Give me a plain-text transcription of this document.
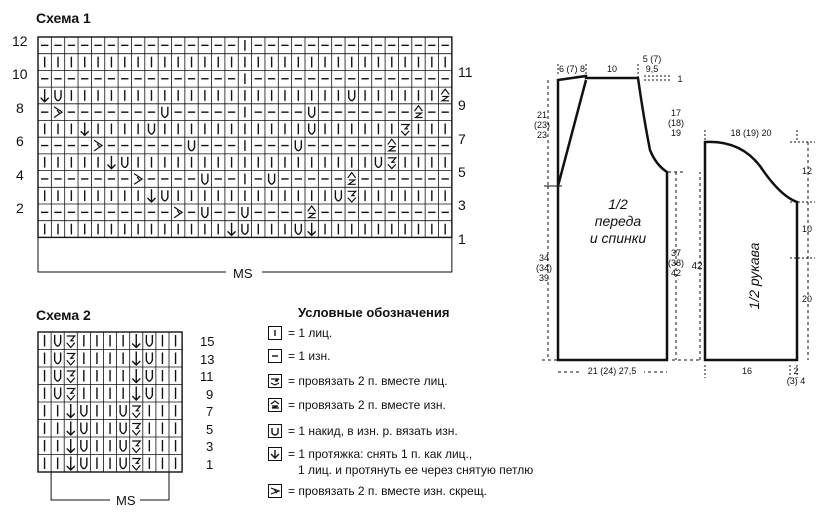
Схема 1
12
10
8
6
4
2
11
9
7
5
3
1
MS
Схема 2
15
13
11
9
7
5
3
1
MS
Условные обозначения
= 1 лиц.
= 1 изн.
= провязать 2 п. вместе лиц.
= провязать 2 п. вместе изн.
= 1 накид, в изн. р. вязать изн.
= 1 протяжка: снять 1 п. как лиц.,
1 лиц. и протянуть ее через снятую петлю
= провязать 2 п. вместе изн. скрещ.
6 (7) 8	10
5 (7)
9,5
1
21
(23)
23
17
(18)
19
34
(34)
39
37
(38)
42
21 (24) 27,5
1/2
переда
и спинки
18 (19) 20
12
10
20
42
16	2
(3) 4
1/2 рукава
